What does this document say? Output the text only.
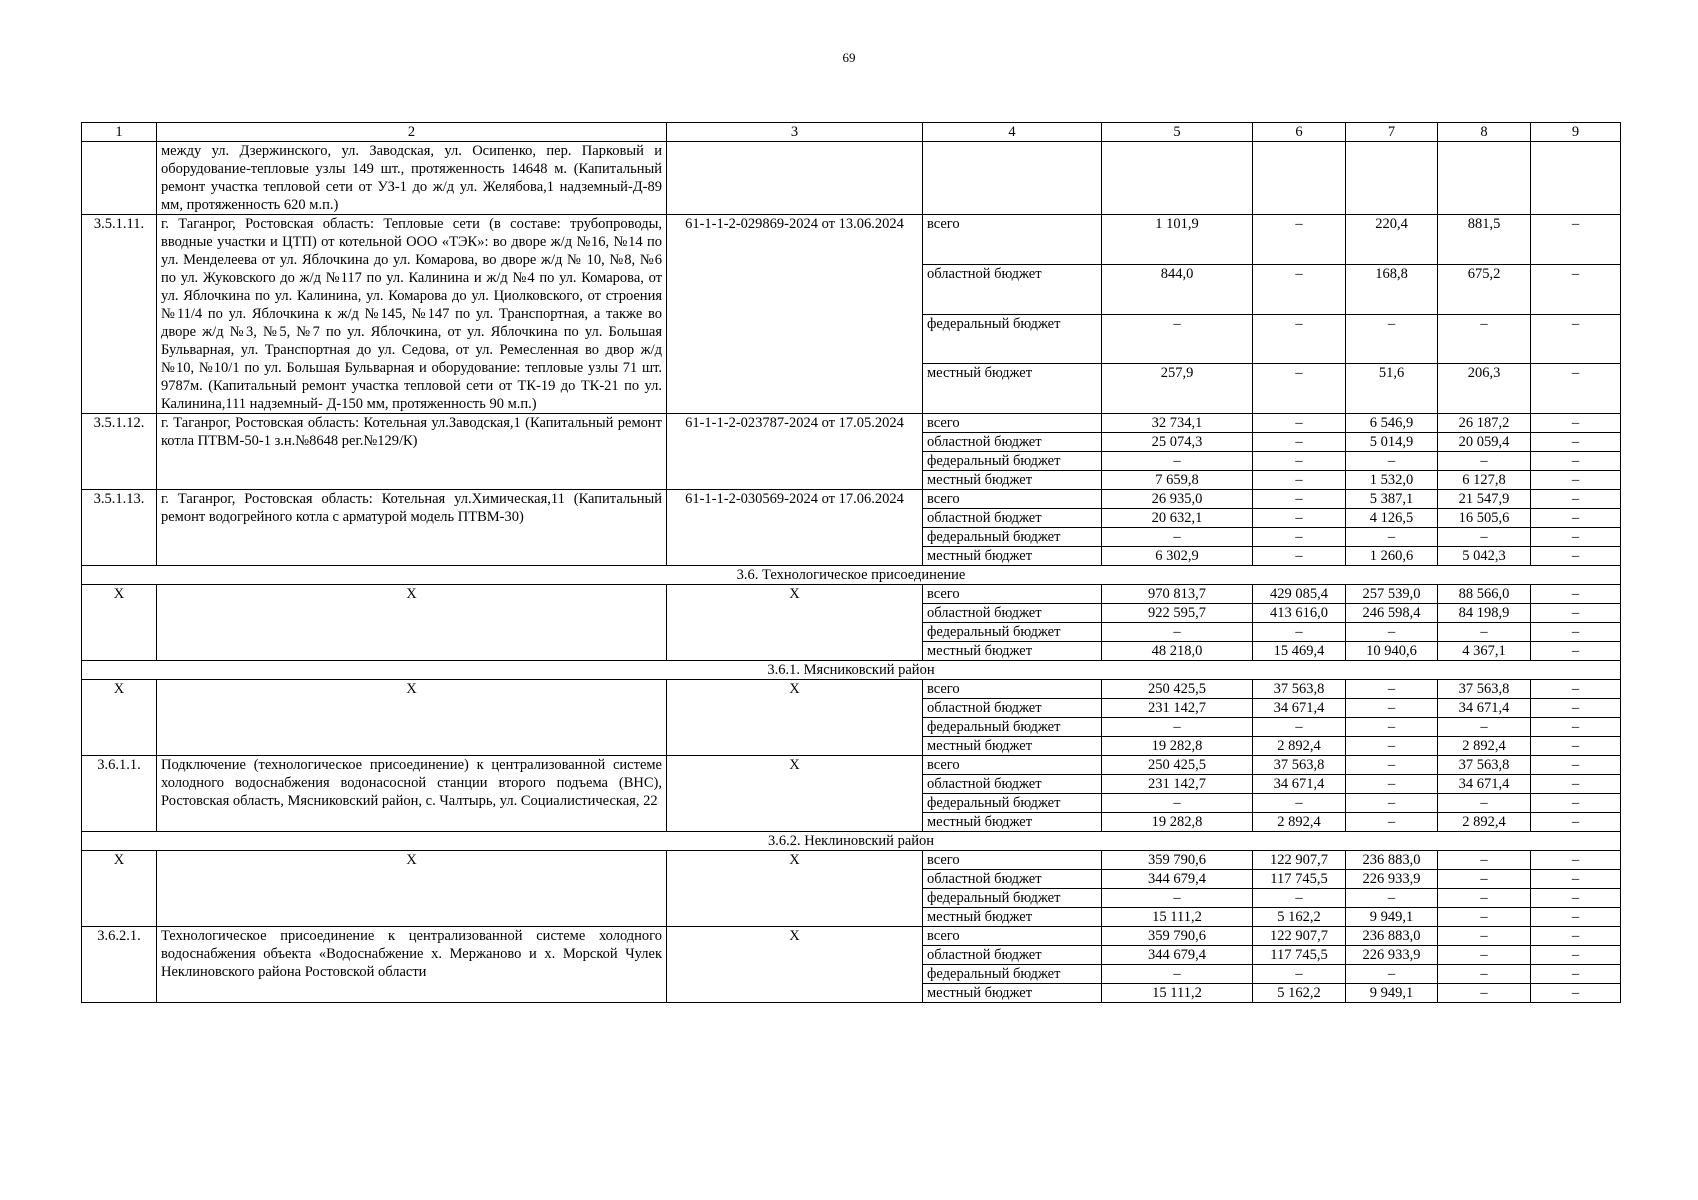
69
1	2	3	4	5	6	7	8	9
	между ул. Дзержинского, ул. Заводская, ул. Осипенко, пер. Парковый и оборудование-тепловые узлы 149 шт., протяженность 14648 м. (Капитальный ремонт участка тепловой сети от УЗ-1 до ж/д ул. Желябова,1 надземный-Д-89 мм, протяженность 620 м.п.)							
3.5.1.11.	г. Таганрог, Ростовская область: Тепловые сети (в составе: трубопроводы, вводные участки и ЦТП) от котельной ООО «ТЭК»: во дворе ж/д №16, №14 по ул. Менделеева от ул. Яблочкина до ул. Комарова, во дворе ж/д № 10, №8, №6 по ул. Жуковского до ж/д №117 по ул. Калинина и ж/д №4 по ул. Комарова, от ул. Яблочкина по ул. Калинина, ул. Комарова до ул. Циолковского, от строения №11/4 по ул. Яблочкина к ж/д №145, №147 по ул. Транспортная, а также во дворе ж/д №3, №5, №7 по ул. Яблочкина, от ул. Яблочкина по ул. Большая Бульварная, ул. Транспортная до ул. Седова, от ул. Ремесленная во двор ж/д №10, №10/1 по ул. Большая Бульварная и оборудование: тепловые узлы 71 шт. 9787м. (Капитальный ремонт участка тепловой сети от ТК-19 до ТК-21 по ул. Калинина,111 надземный- Д-150 мм, протяженность 90 м.п.)	61-1-1-2-029869-2024 от 13.06.2024	всего	1 101,9	–	220,4	881,5	–
			областной бюджет	844,0	–	168,8	675,2	–
			федеральный бюджет	–	–	–	–	–
			местный бюджет	257,9	–	51,6	206,3	–
3.5.1.12.	г. Таганрог, Ростовская область: Котельная ул.Заводская,1 (Капитальный ремонт котла ПТВМ-50-1 з.н.№8648 рег.№129/К)	61-1-1-2-023787-2024 от 17.05.2024	всего	32 734,1	–	6 546,9	26 187,2	–
			областной бюджет	25 074,3	–	5 014,9	20 059,4	–
			федеральный бюджет	–	–	–	–	–
			местный бюджет	7 659,8	–	1 532,0	6 127,8	–
3.5.1.13.	г. Таганрог, Ростовская область: Котельная ул.Химическая,11 (Капитальный ремонт водогрейного котла с арматурой модель ПТВМ-30)	61-1-1-2-030569-2024 от 17.06.2024	всего	26 935,0	–	5 387,1	21 547,9	–
			областной бюджет	20 632,1	–	4 126,5	16 505,6	–
			федеральный бюджет	–	–	–	–	–
			местный бюджет	6 302,9	–	1 260,6	5 042,3	–
3.6. Технологическое присоединение								
Х	Х	Х	всего	970 813,7	429 085,4	257 539,0	88 566,0	–
			областной бюджет	922 595,7	413 616,0	246 598,4	84 198,9	–
			федеральный бюджет	–	–	–	–	–
			местный бюджет	48 218,0	15 469,4	10 940,6	4 367,1	–
3.6.1. Мясниковский район								
Х	Х	Х	всего	250 425,5	37 563,8	–	37 563,8	–
			областной бюджет	231 142,7	34 671,4	–	34 671,4	–
			федеральный бюджет	–	–	–	–	–
			местный бюджет	19 282,8	2 892,4	–	2 892,4	–
3.6.1.1.	Подключение (технологическое присоединение) к централизованной системе холодного водоснабжения водонасосной станции второго подъема (ВНС), Ростовская область, Мясниковский район, с. Чалтырь, ул. Социалистическая, 22	Х	всего	250 425,5	37 563,8	–	37 563,8	–
			областной бюджет	231 142,7	34 671,4	–	34 671,4	–
			федеральный бюджет	–	–	–	–	–
			местный бюджет	19 282,8	2 892,4	–	2 892,4	–
3.6.2. Неклиновский район								
Х	Х	Х	всего	359 790,6	122 907,7	236 883,0	–	–
			областной бюджет	344 679,4	117 745,5	226 933,9	–	–
			федеральный бюджет	–	–	–	–	–
			местный бюджет	15 111,2	5 162,2	9 949,1	–	–
3.6.2.1.	Технологическое присоединение к централизованной системе холодного водоснабжения объекта «Водоснабжение х. Мержаново и х. Морской Чулек Неклиновского района Ростовской области	Х	всего	359 790,6	122 907,7	236 883,0	–	–
			областной бюджет	344 679,4	117 745,5	226 933,9	–	–
			федеральный бюджет	–	–	–	–	–
			местный бюджет	15 111,2	5 162,2	9 949,1	–	–
